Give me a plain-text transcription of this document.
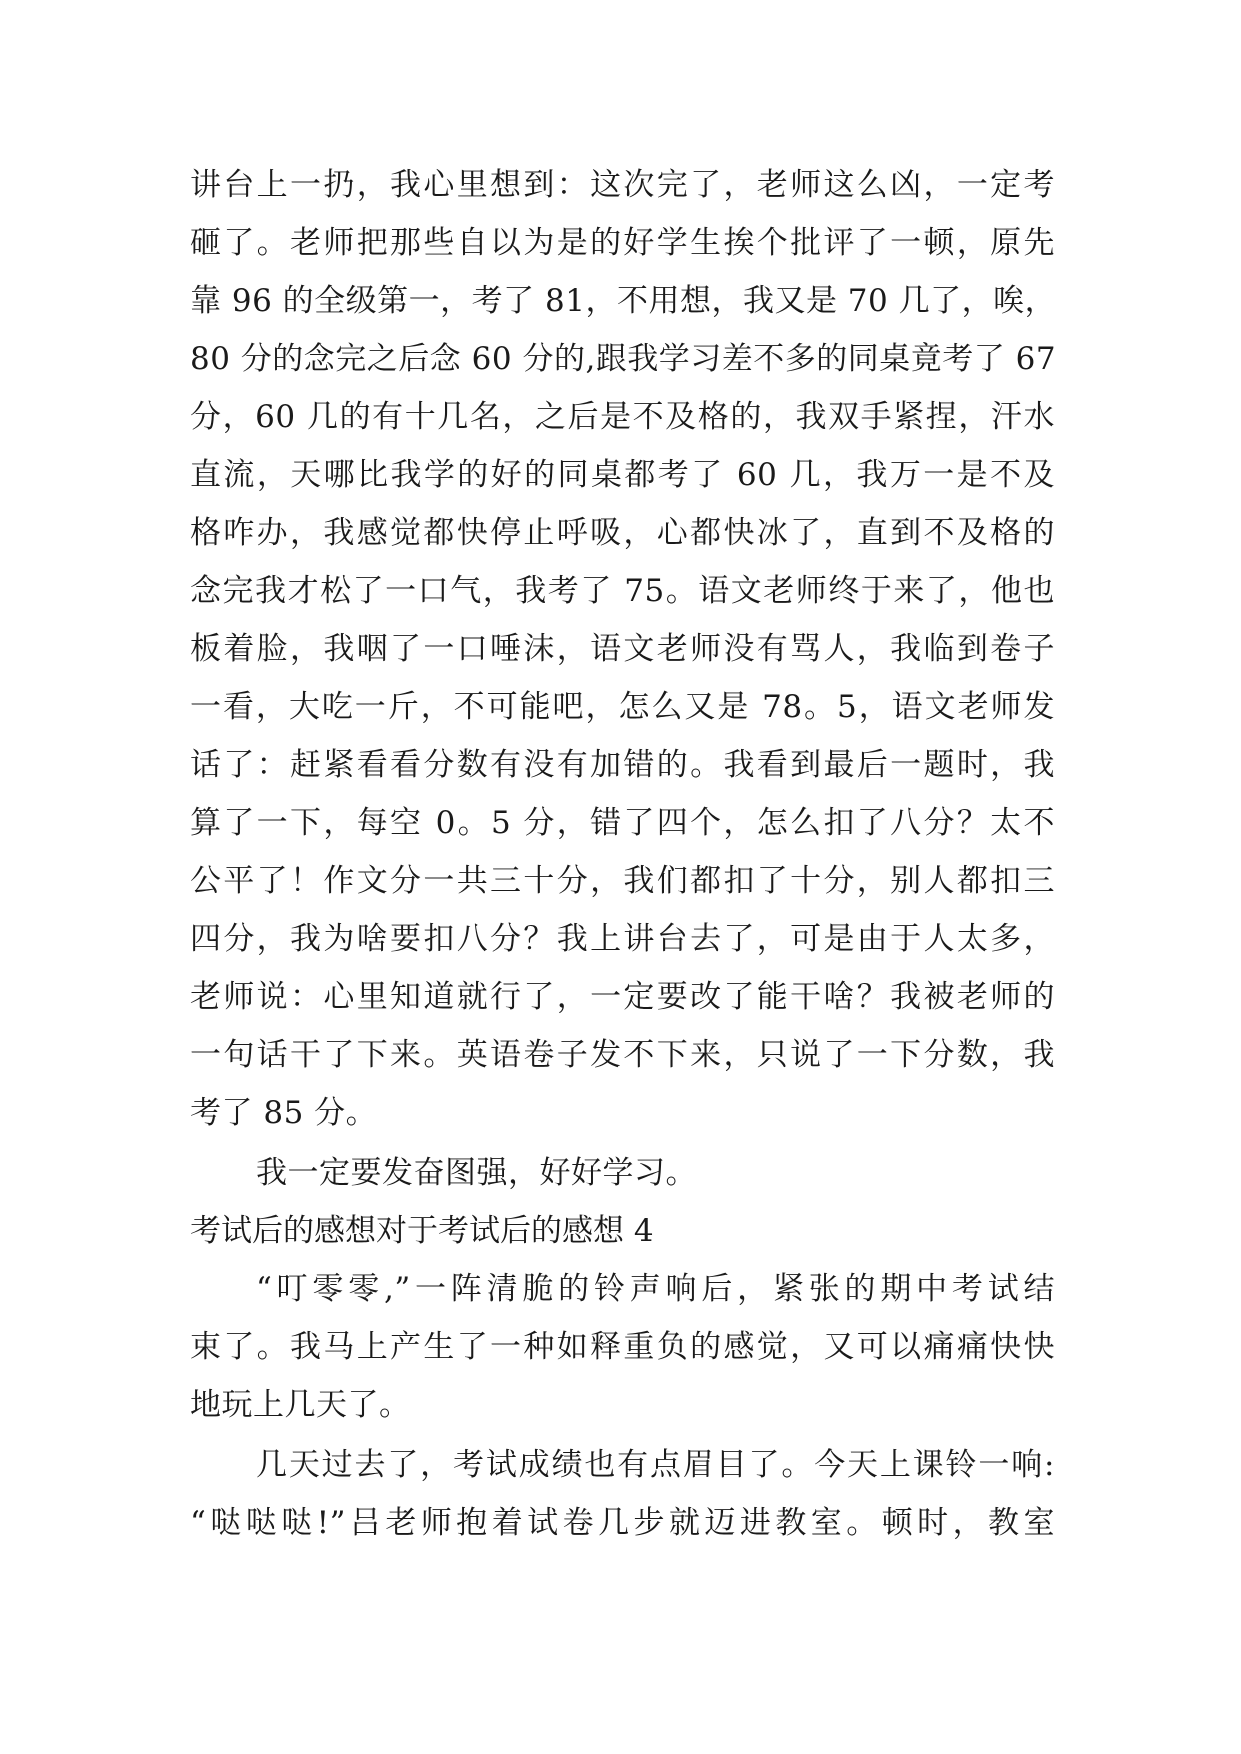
讲台上一扔，我心里想到：这次完了，老师这么凶，一定考
砸了。老师把那些自以为是的好学生挨个批评了一顿，原先
靠 96 的全级第一，考了 81，不用想，我又是 70 几了，唉，
80 分的念完之后念 60 分的,跟我学习差不多的同桌竟考了 67
分，60 几的有十几名，之后是不及格的，我双手紧捏，汗水
直流，天哪比我学的好的同桌都考了 60 几，我万一是不及
格咋办，我感觉都快停止呼吸，心都快冰了，直到不及格的
念完我才松了一口气，我考了 75。语文老师终于来了，他也
板着脸，我咽了一口唾沫，语文老师没有骂人，我临到卷子
一看，大吃一斤，不可能吧，怎么又是 78。5，语文老师发
话了：赶紧看看分数有没有加错的。我看到最后一题时，我
算了一下，每空 0。5 分，错了四个，怎么扣了八分？太不
公平了！作文分一共三十分，我们都扣了十分，别人都扣三
四分，我为啥要扣八分？我上讲台去了，可是由于人太多，
老师说：心里知道就行了，一定要改了能干啥？我被老师的
一句话干了下来。英语卷子发不下来，只说了一下分数，我
考了 85 分。
我一定要发奋图强，好好学习。
考试后的感想对于考试后的感想 4
“叮零零,”一阵清脆的铃声响后，紧张的期中考试结
束了。我马上产生了一种如释重负的感觉，又可以痛痛快快
地玩上几天了。
几天过去了，考试成绩也有点眉目了。今天上课铃一响:
“哒哒哒!”吕老师抱着试卷几步就迈进教室。顿时，教室
